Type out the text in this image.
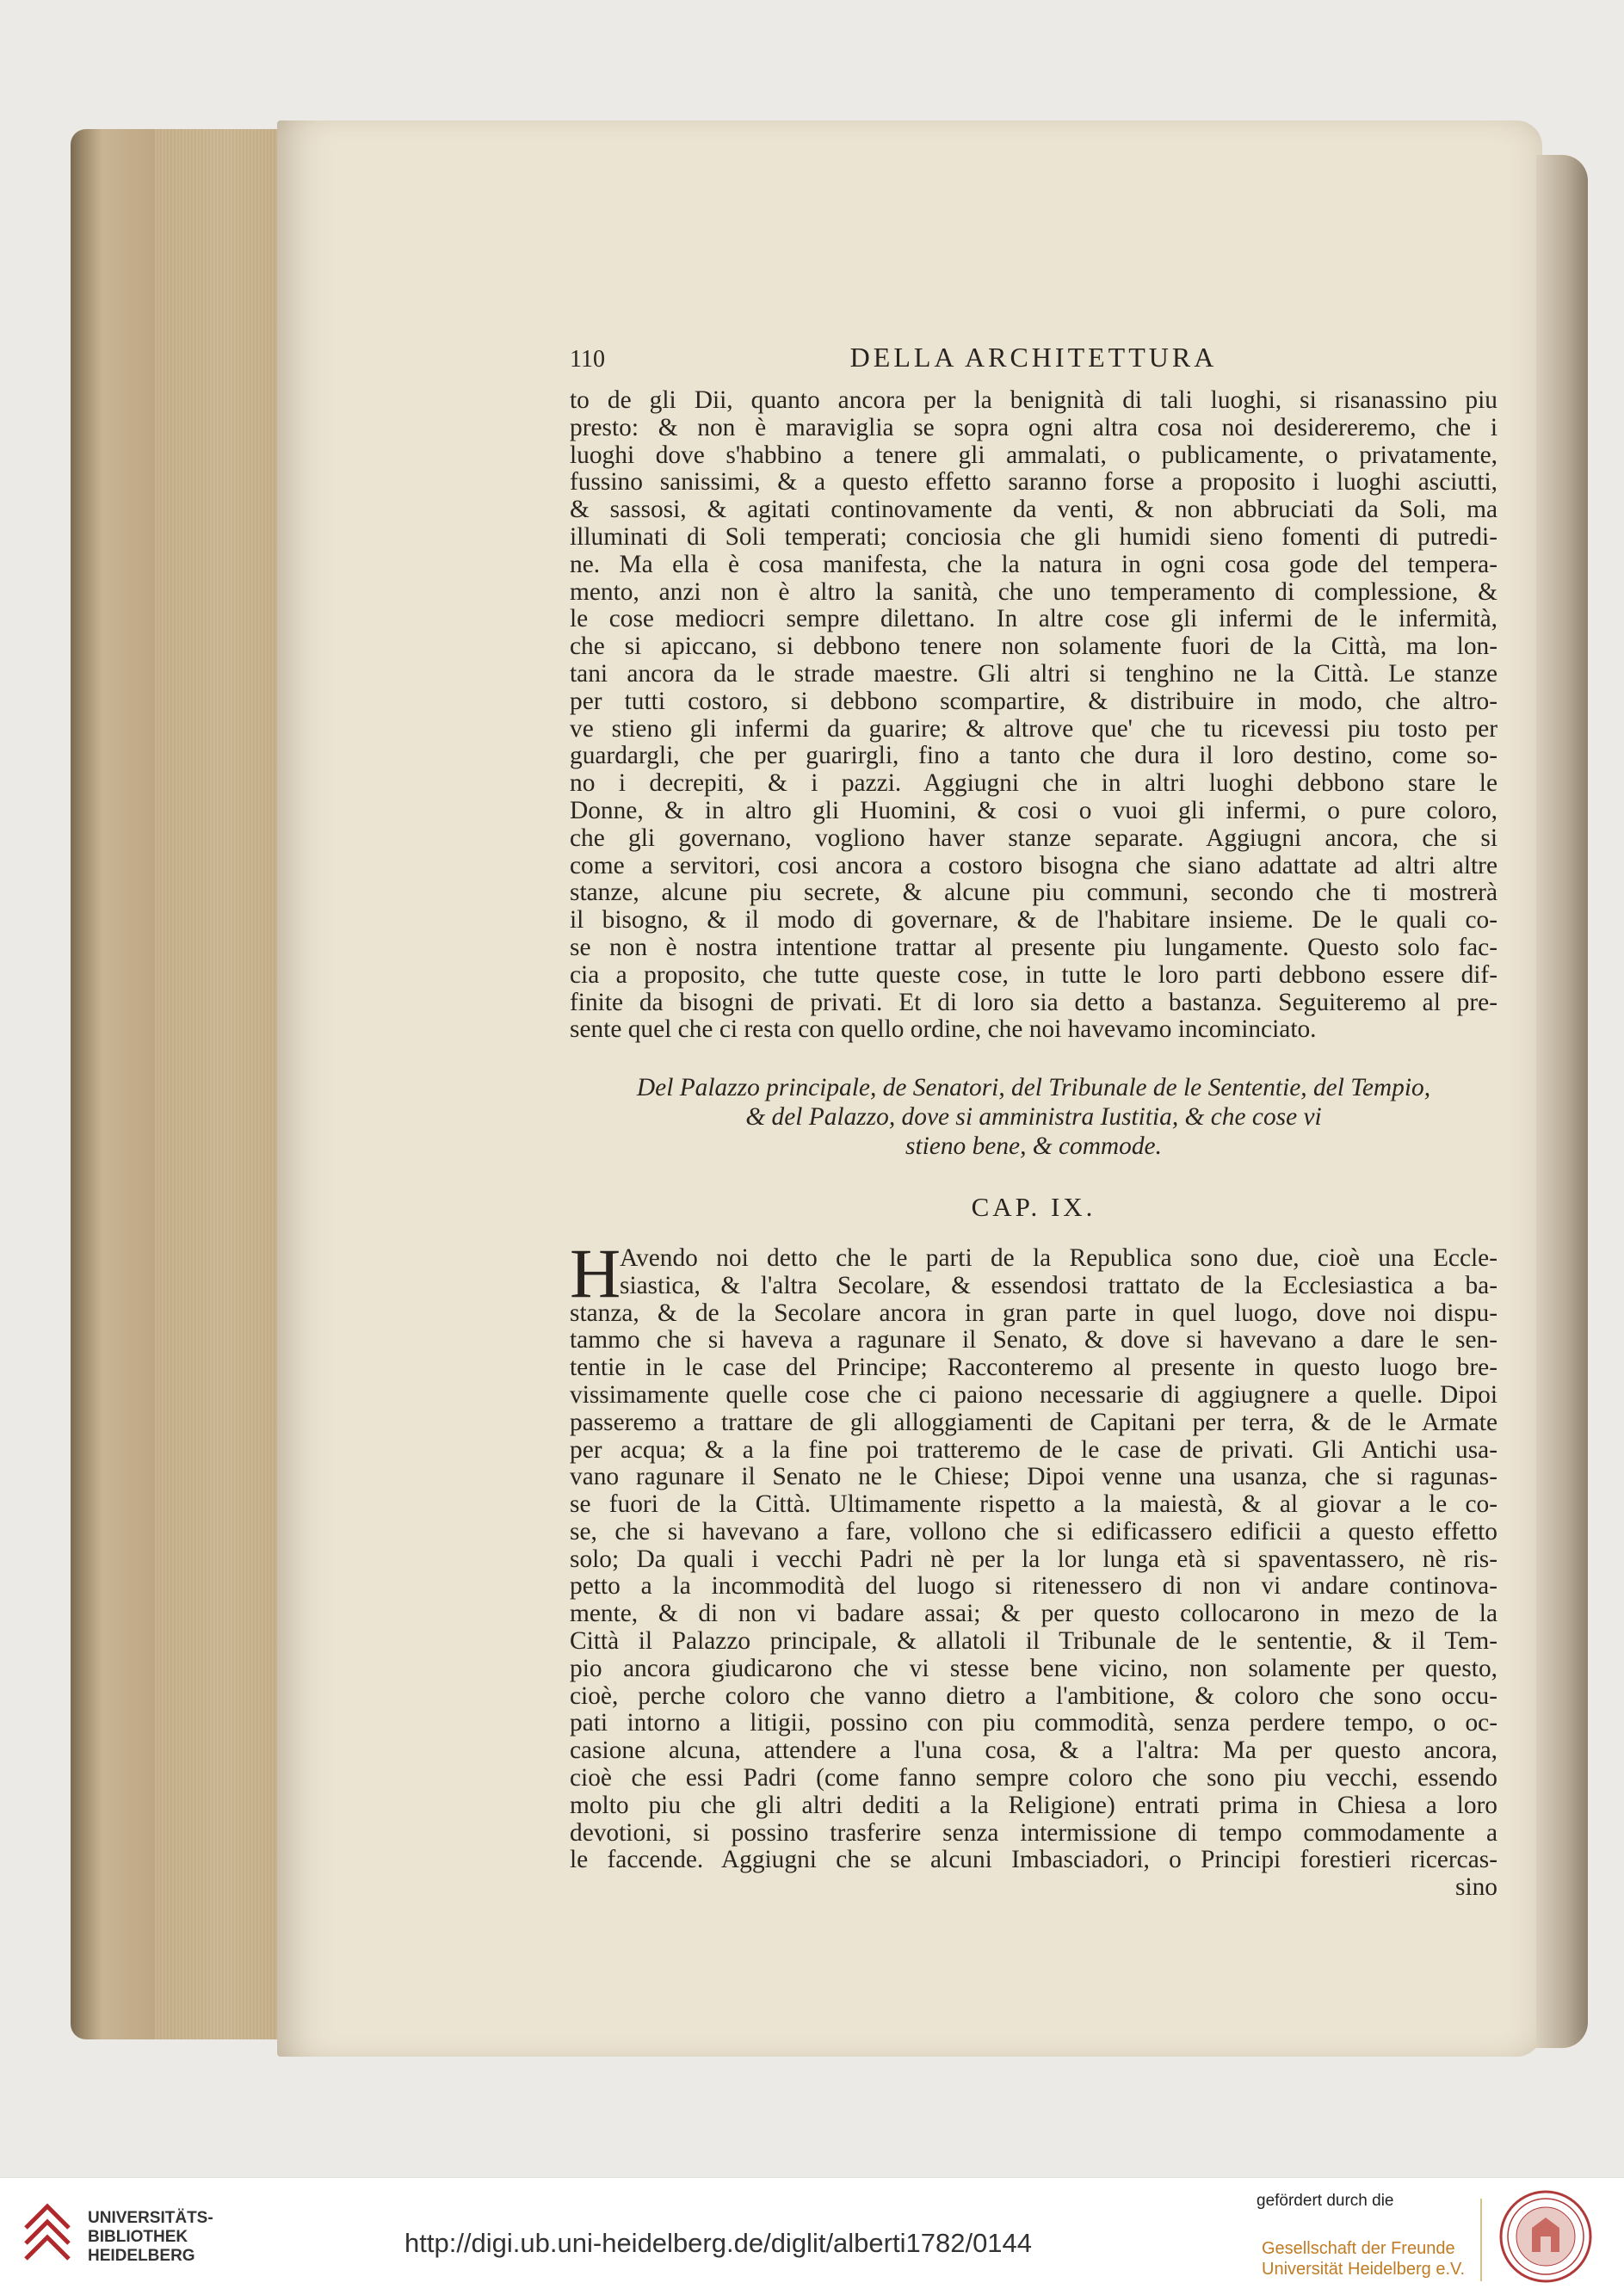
110	DELLA ARCHITETTURA
to de gli Dii, quanto ancora per la benignità di tali luoghi, si risanassino piu
presto: & non è maraviglia se sopra ogni altra cosa noi desidereremo, che i
luoghi dove s'habbino a tenere gli ammalati, o publicamente, o privatamente,
fussino sanissimi, & a questo effetto saranno forse a proposito i luoghi asciutti,
& sassosi, & agitati continovamente da venti, & non abbruciati da Soli, ma
illuminati di Soli temperati; conciosia che gli humidi sieno fomenti di putredi-
ne. Ma ella è cosa manifesta, che la natura in ogni cosa gode del tempera-
mento, anzi non è altro la sanità, che uno temperamento di complessione, &
le cose mediocri sempre dilettano. In altre cose gli infermi de le infermità,
che si apiccano, si debbono tenere non solamente fuori de la Città, ma lon-
tani ancora da le strade maestre. Gli altri si tenghino ne la Città. Le stanze
per tutti costoro, si debbono scompartire, & distribuire in modo, che altro-
ve stieno gli infermi da guarire; & altrove que' che tu ricevessi piu tosto per
guardargli, che per guarirgli, fino a tanto che dura il loro destino, come so-
no i decrepiti, & i pazzi. Aggiugni che in altri luoghi debbono stare le
Donne, & in altro gli Huomini, & cosi o vuoi gli infermi, o pure coloro,
che gli governano, vogliono haver stanze separate. Aggiugni ancora, che si
come a servitori, cosi ancora a costoro bisogna che siano adattate ad altri altre
stanze, alcune piu secrete, & alcune piu communi, secondo che ti mostrerà
il bisogno, & il modo di governare, & de l'habitare insieme. De le quali co-
se non è nostra intentione trattar al presente piu lungamente. Questo solo fac-
cia a proposito, che tutte queste cose, in tutte le loro parti debbono essere dif-
finite da bisogni de privati. Et di loro sia detto a bastanza. Seguiteremo al pre-
sente quel che ci resta con quello ordine, che noi havevamo incominciato.
Del Palazzo principale, de Senatori, del Tribunale de le Sententie, del Tempio,
& del Palazzo, dove si amministra Iustitia, & che cose vi
stieno bene, & commode.
CAP. IX.
H
Avendo noi detto che le parti de la Republica sono due, cioè una Eccle-
siastica, & l'altra Secolare, & essendosi trattato de la Ecclesiastica a ba-
stanza, & de la Secolare ancora in gran parte in quel luogo, dove noi dispu-
tammo che si haveva a ragunare il Senato, & dove si havevano a dare le sen-
tentie in le case del Principe; Racconteremo al presente in questo luogo bre-
vissimamente quelle cose che ci paiono necessarie di aggiugnere a quelle. Dipoi
passeremo a trattare de gli alloggiamenti de Capitani per terra, & de le Armate
per acqua; & a la fine poi tratteremo de le case de privati. Gli Antichi usa-
vano ragunare il Senato ne le Chiese; Dipoi venne una usanza, che si ragunas-
se fuori de la Città. Ultimamente rispetto a la maiestà, & al giovar a le co-
se, che si havevano a fare, vollono che si edificassero edificii a questo effetto
solo; Da quali i vecchi Padri nè per la lor lunga età si spaventassero, nè ris-
petto a la incommodità del luogo si ritenessero di non vi andare continova-
mente, & di non vi badare assai; & per questo collocarono in mezo de la
Città il Palazzo principale, & allatoli il Tribunale de le sententie, & il Tem-
pio ancora giudicarono che vi stesse bene vicino, non solamente per questo,
cioè, perche coloro che vanno dietro a l'ambitione, & coloro che sono occu-
pati intorno a litigii, possino con piu commodità, senza perdere tempo, o oc-
casione alcuna, attendere a l'una cosa, & a l'altra: Ma per questo ancora,
cioè che essi Padri (come fanno sempre coloro che sono piu vecchi, essendo
molto piu che gli altri dediti a la Religione) entrati prima in Chiesa a loro
devotioni, si possino trasferire senza intermissione di tempo commodamente a
le faccende. Aggiugni che se alcuni Imbasciadori, o Principi forestieri ricercas-
sino
UNIVERSITÄTS-
BIBLIOTHEK
HEIDELBERG	http://digi.ub.uni-heidelberg.de/diglit/alberti1782/0144
gefördert durch die
Gesellschaft der Freunde
Universität Heidelberg e.V.
